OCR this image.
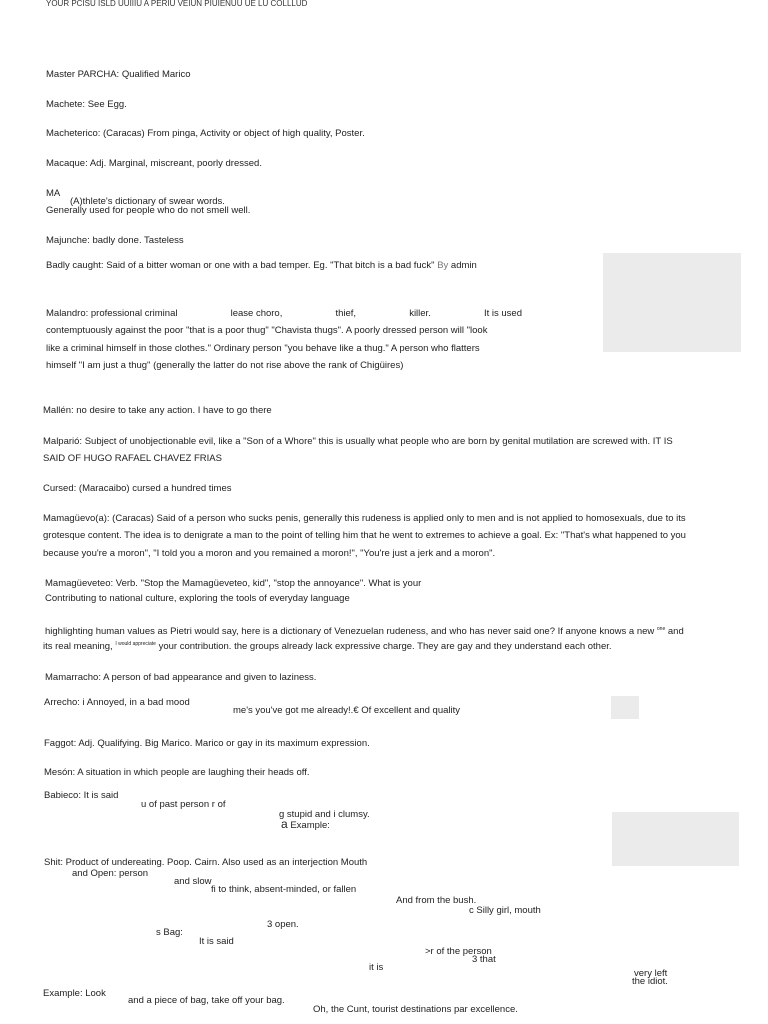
YOUR PCISU ISLD UUIIIU A PERIU VEIUN PIUIENUU UE LU COLLLUD
Master PARCHA: Qualified Marico
Machete: See Egg.
Macheterico: (Caracas) From pinga, Activity or object of high quality, Poster.
Macaque: Adj. Marginal, miscreant, poorly dressed.
MA
(A)thlete's dictionary of swear words.
Generally used for people who do not smell well.
Majunche: badly done. Tasteless
Badly caught: Said of a bitter woman or one with a bad temper. Eg. "That bitch is a bad fuck" By admin
Malandro: professional criminal	lease choro,	thief,	killer.	It is used
contemptuously against the poor "that is a poor thug" "Chavista thugs". A poorly dressed person will "look
like a criminal himself in those clothes." Ordinary person "you behave like a thug." A person who flatters
himself "I am just a thug" (generally the latter do not rise above the rank of Chigüires)
Mallén: no desire to take any action. I have to go there
Malparió: Subject of unobjectionable evil, like a "Son of a Whore" this is usually what people who are born by genital mutilation are screwed with. IT IS
SAID OF HUGO RAFAEL CHAVEZ FRIAS
Cursed: (Maracaibo) cursed a hundred times
Mamagüevo(a): (Caracas) Said of a person who sucks penis, generally this rudeness is applied only to men and is not applied to homosexuals, due to its
grotesque content. The idea is to denigrate a man to the point of telling him that he went to extremes to achieve a goal. Ex: "That's what happened to you
because you're a moron", "I told you a moron and you remained a moron!", "You're just a jerk and a moron".
Mamagüeveteo: Verb. "Stop the Mamagüeveteo, kid", "stop the annoyance". What is your
Contributing to national culture, exploring the tools of everyday language
highlighting human values as Pietri would say, here is a dictionary of Venezuelan rudeness, and who has never said one? If anyone knows a new $^{one}$ and
its real meaning, $^{I would appreciate}$ your contribution. the groups already lack expressive charge. They are gay and they understand each other.
Mamarracho: A person of bad appearance and given to laziness.
Arrecho: i Annoyed, in a bad mood
me's you've got me already!.€ Of excellent and quality
Faggot: Adj. Qualifying. Big Marico. Marico or gay in its maximum expression.
Mesón: A situation in which people are laughing their heads off.
Babieco: It is said
u of past person r of
g stupid and i clumsy.
a Example:
Shit: Product of undereating. Poop. Cairn. Also used as an interjection Mouth
and Open: person
and slow
fi to think, absent-minded, or fallen
And from the bush.
c Silly girl, mouth
3 open.
s Bag:
It is said
>r of the person
3 that
it is
very left
the idiot.
Example: Look
and a piece of bag, take off your bag.
Oh, the Cunt, tourist destinations par excellence.
